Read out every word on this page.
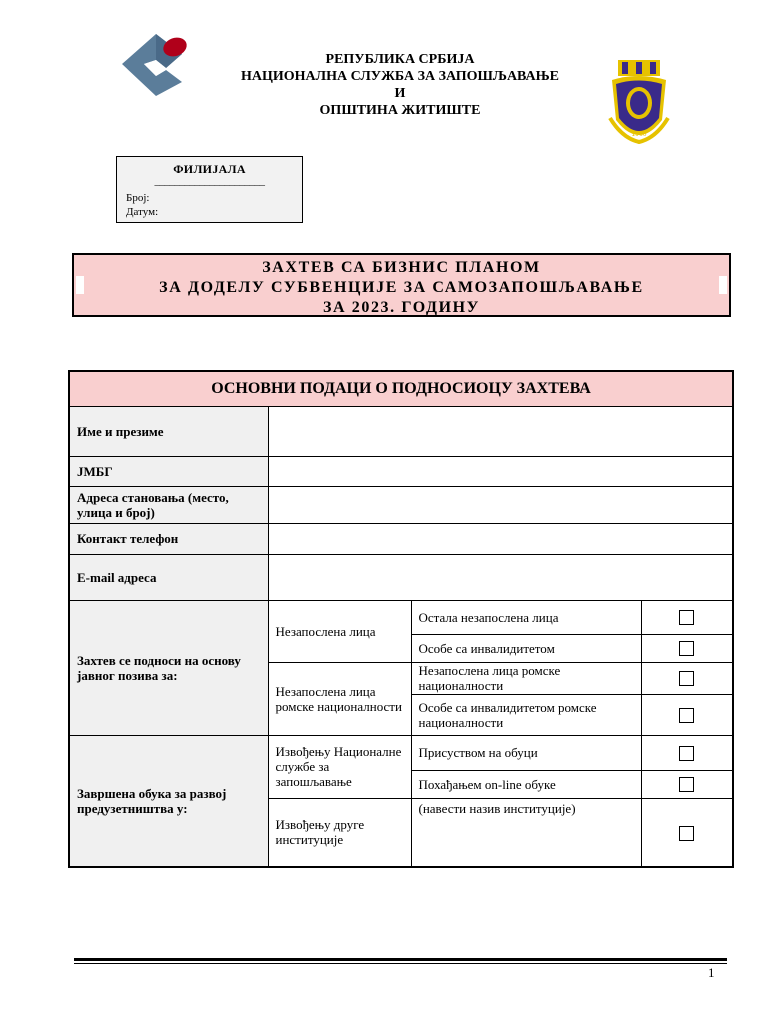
РЕПУБЛИКА СРБИЈА
НАЦИОНАЛНА СЛУЖБА ЗА ЗАПОШЉАВАЊЕ
И
ОПШТИНА ЖИТИШТЕ
1960
ФИЛИЈАЛА
______________________
Број:
Датум:
ЗАХТЕВ СА БИЗНИС ПЛАНОМ
ЗА ДОДЕЛУ СУБВЕНЦИЈЕ ЗА САМОЗАПОШЉАВАЊЕ
ЗА 2023. ГОДИНУ
ОСНОВНИ ПОДАЦИ О ПОДНОСИОЦУ ЗАХТЕВА			
Име и презиме			
ЈМБГ			
Адреса становања (место, улица и број)			
Контакт телефон			
E-mail адреса			
Захтев се подноси на основу јавног позива за:	Незапослена лица	Остала незапослена лица	
		Особе са инвалидитетом	
	Незапослена лица ромске националности	Незапослена лица ромске националности	
		Особе са инвалидитетом ромске националности	
Завршена обука за развој предузетништва у:	Извођењу Националне службе за запошљавање	Присуством на обуци	
		Похађањем on-line обуке	
	Извођењу друге институције	(навести назив институције)	
1
